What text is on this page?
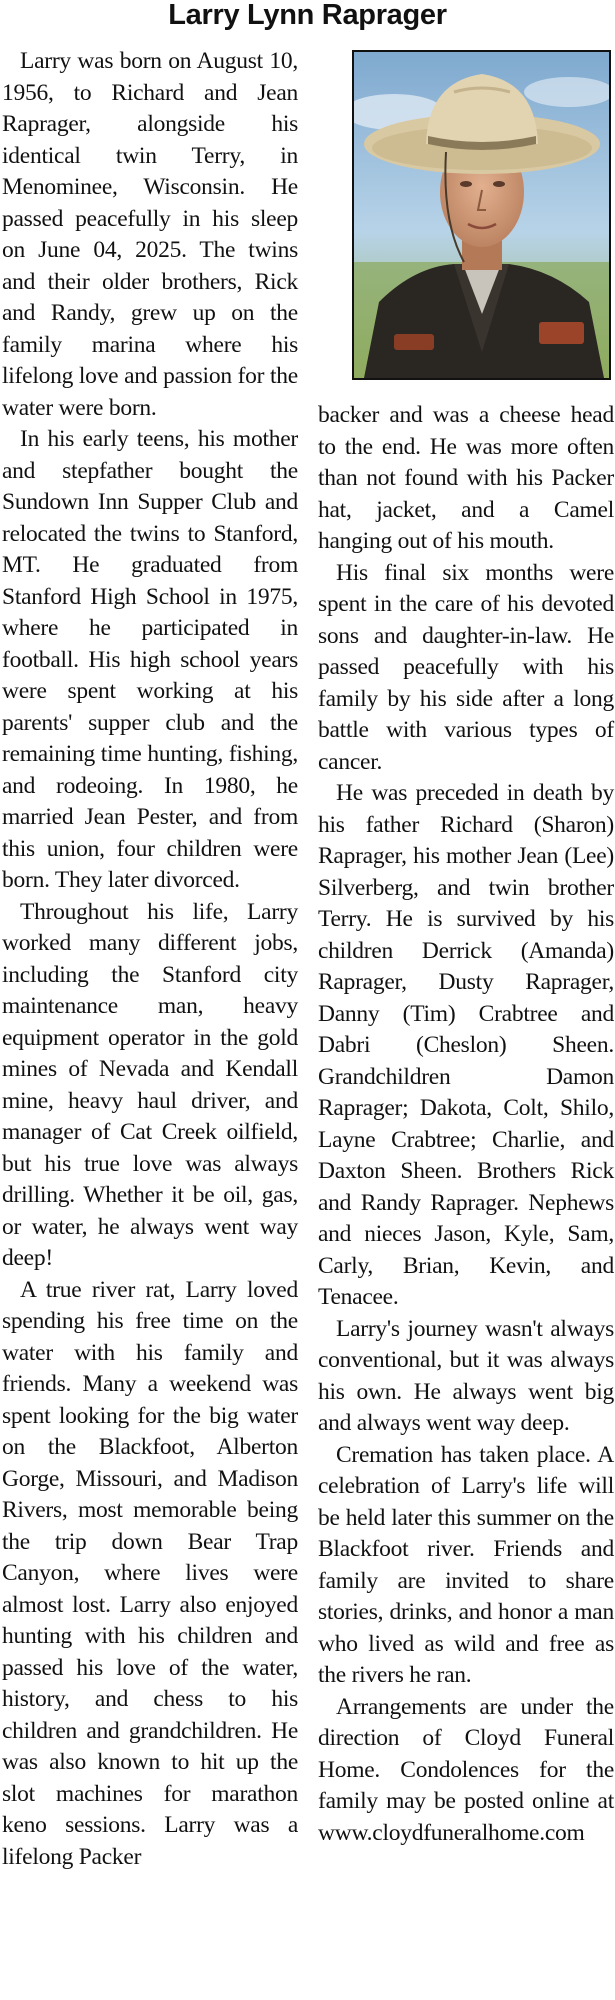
Larry Lynn Raprager

Larry was born on August 10, 1956, to Richard and Jean Raprager, alongside his identical twin Terry, in Menominee, Wisconsin. He passed peacefully in his sleep on June 04, 2025. The twins and their older brothers, Rick and Randy, grew up on the family marina where his lifelong love and passion for the water were born.

In his early teens, his mother and stepfather bought the Sundown Inn Supper Club and relocated the twins to Stanford, MT. He graduated from Stanford High School in 1975, where he participated in football. His high school years were spent working at his parents' supper club and the remaining time hunting, fishing, and rodeoing. In 1980, he married Jean Pester, and from this union, four children were born. They later divorced.

Throughout his life, Larry worked many different jobs, including the Stanford city maintenance man, heavy equipment operator in the gold mines of Nevada and Kendall mine, heavy haul driver, and manager of Cat Creek oilfield, but his true love was always drilling. Whether it be oil, gas, or water, he always went way deep!

A true river rat, Larry loved spending his free time on the water with his family and friends. Many a weekend was spent looking for the big water on the Blackfoot, Alberton Gorge, Missouri, and Madison Rivers, most memorable being the trip down Bear Trap Canyon, where lives were almost lost. Larry also enjoyed hunting with his children and passed his love of the water, history, and chess to his children and grandchildren. He was also known to hit up the slot machines for marathon keno sessions. Larry was a lifelong Packer

backer and was a cheese head to the end. He was more often than not found with his Packer hat, jacket, and a Camel hanging out of his mouth.

His final six months were spent in the care of his devoted sons and daughter-in-law. He passed peacefully with his family by his side after a long battle with various types of cancer.

He was preceded in death by his father Richard (Sharon) Raprager, his mother Jean (Lee) Silverberg, and twin brother Terry. He is survived by his children Derrick (Amanda) Raprager, Dusty Raprager, Danny (Tim) Crabtree and Dabri (Cheslon) Sheen. Grandchildren Damon Raprager; Dakota, Colt, Shilo, Layne Crabtree; Charlie, and Daxton Sheen. Brothers Rick and Randy Raprager. Nephews and nieces Jason, Kyle, Sam, Carly, Brian, Kevin, and Tenacee.

Larry's journey wasn't always conventional, but it was always his own. He always went big and always went way deep.

Cremation has taken place. A celebration of Larry's life will be held later this summer on the Blackfoot river. Friends and family are invited to share stories, drinks, and honor a man who lived as wild and free as the rivers he ran.

Arrangements are under the direction of Cloyd Funeral Home. Condolences for the family may be posted online at www.cloydfuneralhome.com
